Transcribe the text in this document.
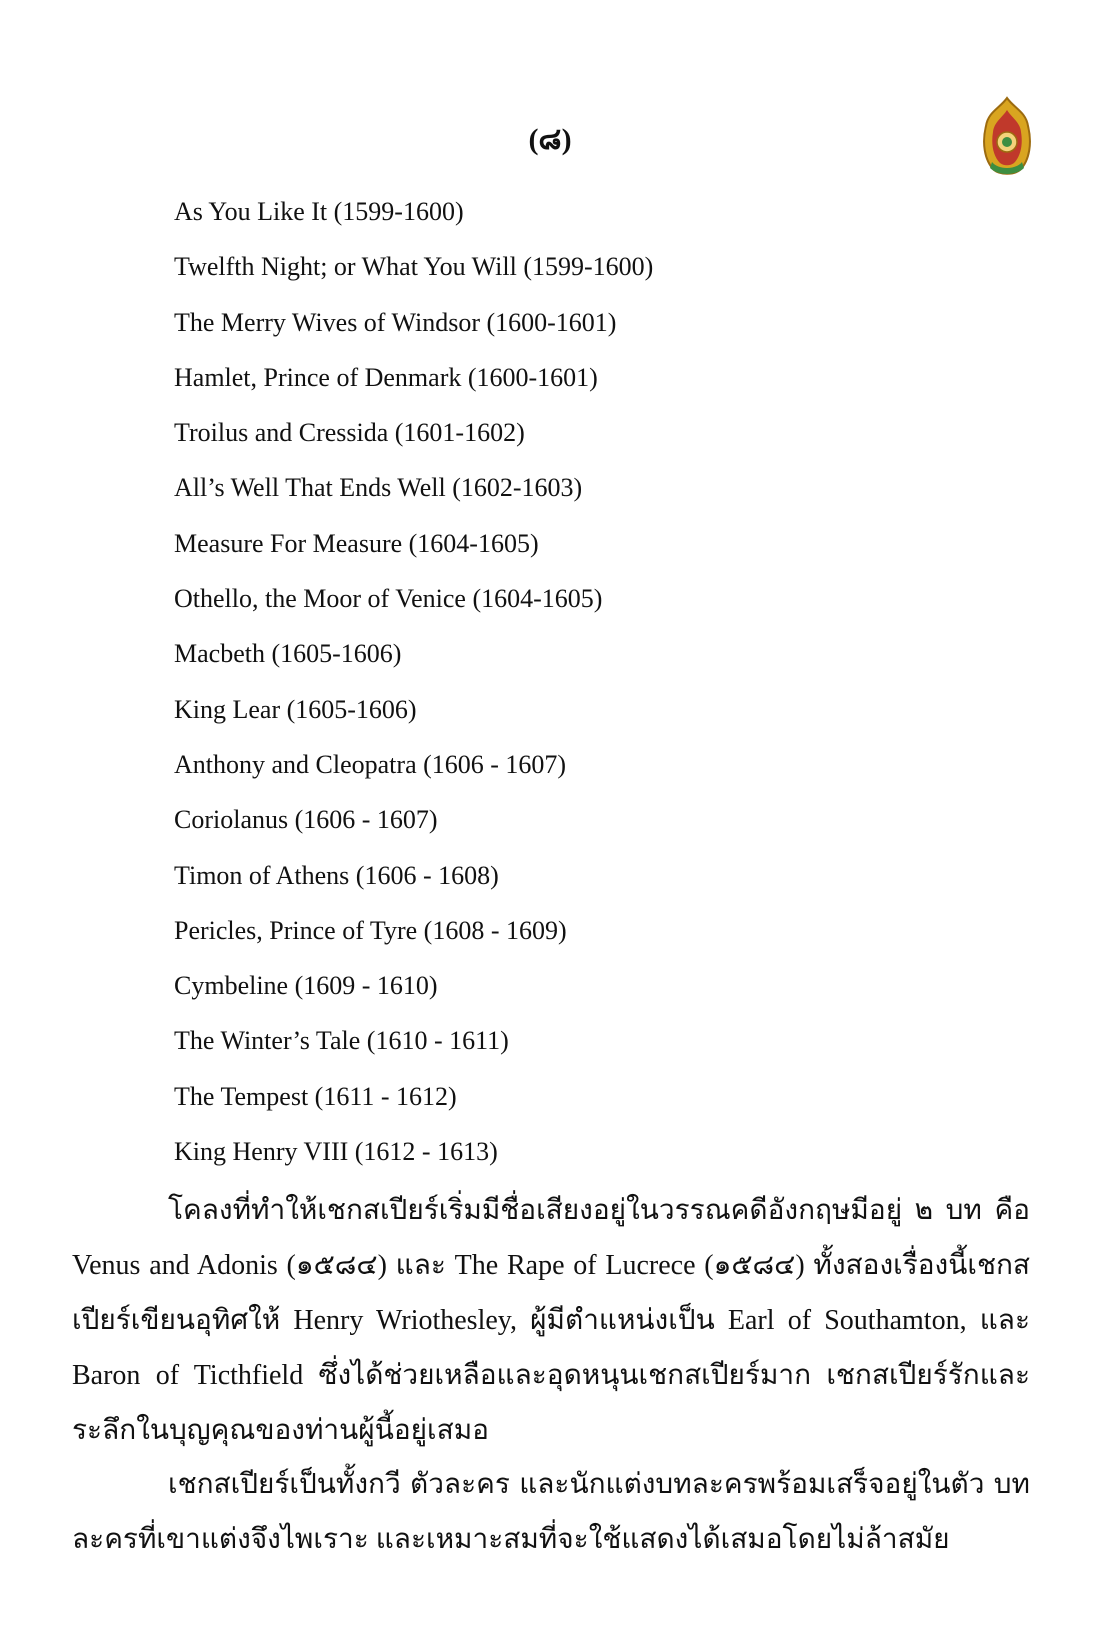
(๘)
As You Like It (1599-1600)
Twelfth Night; or What You Will (1599-1600)
The Merry Wives of Windsor (1600-1601)
Hamlet, Prince of Denmark (1600-1601)
Troilus and Cressida (1601-1602)
All’s Well That Ends Well (1602-1603)
Measure For Measure (1604-1605)
Othello, the Moor of Venice (1604-1605)
Macbeth (1605-1606)
King Lear (1605-1606)
Anthony and Cleopatra (1606 - 1607)
Coriolanus (1606 - 1607)
Timon of Athens (1606 - 1608)
Pericles, Prince of Tyre (1608 - 1609)
Cymbeline (1609 - 1610)
The Winter’s Tale (1610 - 1611)
The Tempest (1611 - 1612)
King Henry VIII (1612 - 1613)

โคลงที่ทำให้เชกสเปียร์เริ่มมีชื่อเสียงอยู่ในวรรณคดีอังกฤษมีอยู่ ๒ บท คือ Venus and Adonis (๑๕๘๔) และ The Rape of Lucrece (๑๕๘๔) ทั้งสองเรื่องนี้เชกสเปียร์เขียนอุทิศให้ Henry Wriothesley, ผู้มีตำแหน่งเป็น Earl of Southamton, และ Baron of Ticthfield ซึ่งได้ช่วยเหลือและอุดหนุนเชกสเปียร์มาก เชกสเปียร์รักและระลึกในบุญคุณของท่านผู้นี้อยู่เสมอ

เชกสเปียร์เป็นทั้งกวี ตัวละคร และนักแต่งบทละครพร้อมเสร็จอยู่ในตัว บทละครที่เขาแต่งจึงไพเราะ และเหมาะสมที่จะใช้แสดงได้เสมอโดยไม่ล้าสมัย
